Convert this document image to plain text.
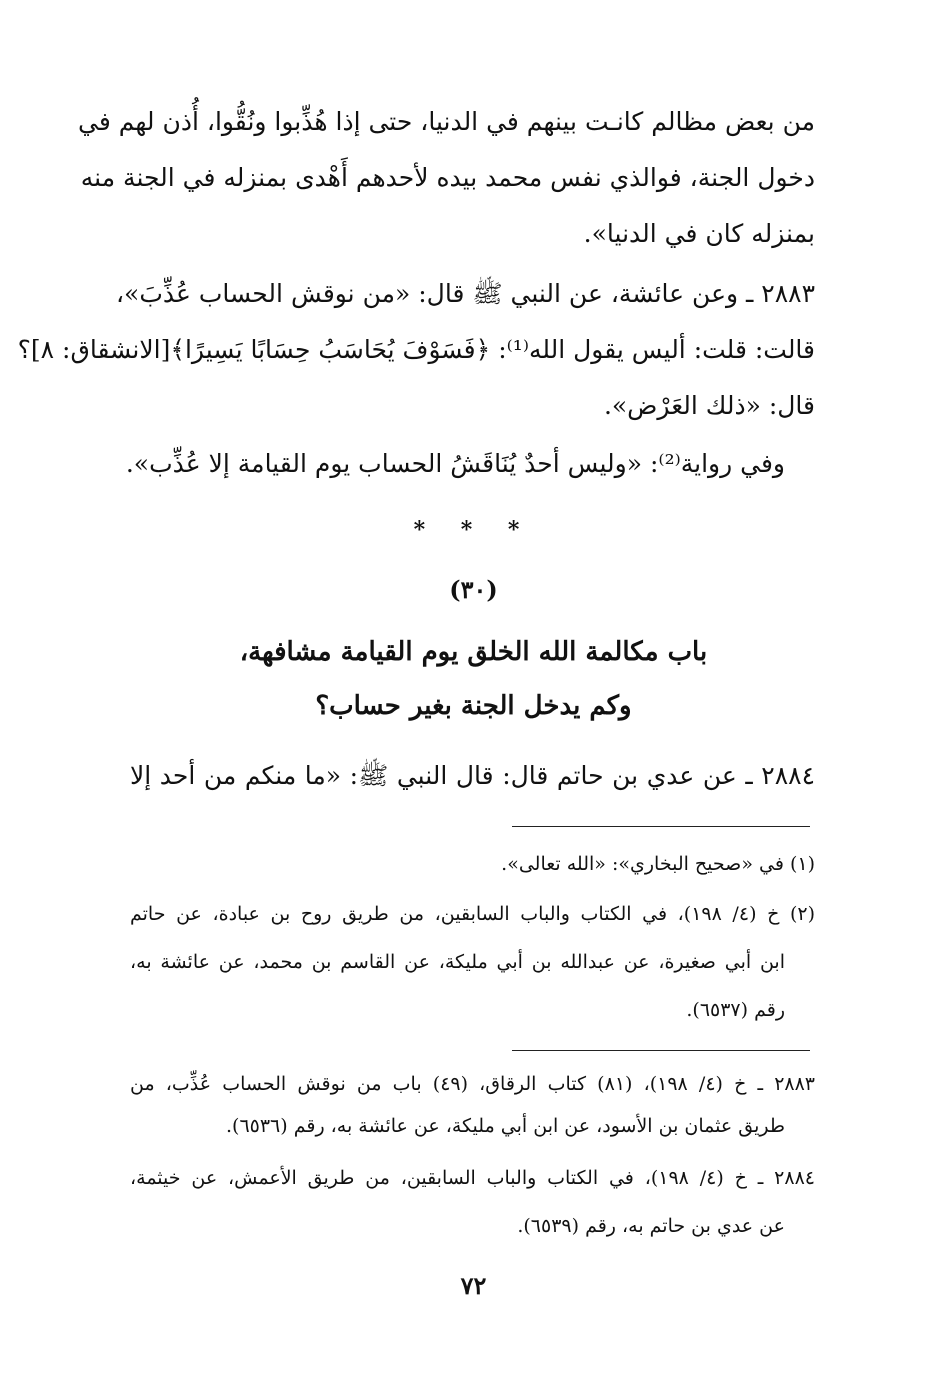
من بعض مظالم كانـت بينهم في الدنيا، حتى إذا هُذِّبوا ونُقُّوا، أُذن لهم في
دخول الجنة، فوالذي نفس محمد بيده لأحدهم أَهْدى بمنزله في الجنة منه
بمنزله كان في الدنيا».
٢٨٨٣ ـ وعن عائشة، عن النبي ﷺ قال: «من نوقش الحساب عُذِّبَ»،
قالت: قلت: أليس يقول الله⁽¹⁾: ﴿فَسَوْفَ يُحَاسَبُ حِسَابًا يَسِيرًا﴾[الانشقاق: ٨]؟
قال: «ذلك العَرْض».
وفي رواية⁽²⁾: «وليس أحدٌ يُنَاقَشُ الحساب يوم القيامة إلا عُذِّب».
* * *
(٣٠)
باب مكالمة الله الخلق يوم القيامة مشافهة،
وكم يدخل الجنة بغير حساب؟
٢٨٨٤ ـ عن عدي بن حاتم قال: قال النبي ﷺ: «ما منكم من أحد إلا
(١) في «صحيح البخاري»: «الله تعالى».
(٢) خ (٤/ ١٩٨)، في الكتاب والباب السابقين، من طريق روح بن عبادة، عن حاتم
ابن أبي صغيرة، عن عبدالله بن أبي مليكة، عن القاسم بن محمد، عن عائشة به،
رقم (٦٥٣٧).
٢٨٨٣ ـ خ (٤/ ١٩٨)، (٨١) كتاب الرقاق، (٤٩) باب من نوقش الحساب عُذِّب، من
طريق عثمان بن الأسود، عن ابن أبي مليكة، عن عائشة به، رقم (٦٥٣٦).
٢٨٨٤ ـ خ (٤/ ١٩٨)، في الكتاب والباب السابقين، من طريق الأعمش، عن خيثمة،
عن عدي بن حاتم به، رقم (٦٥٣٩).
٧٢
